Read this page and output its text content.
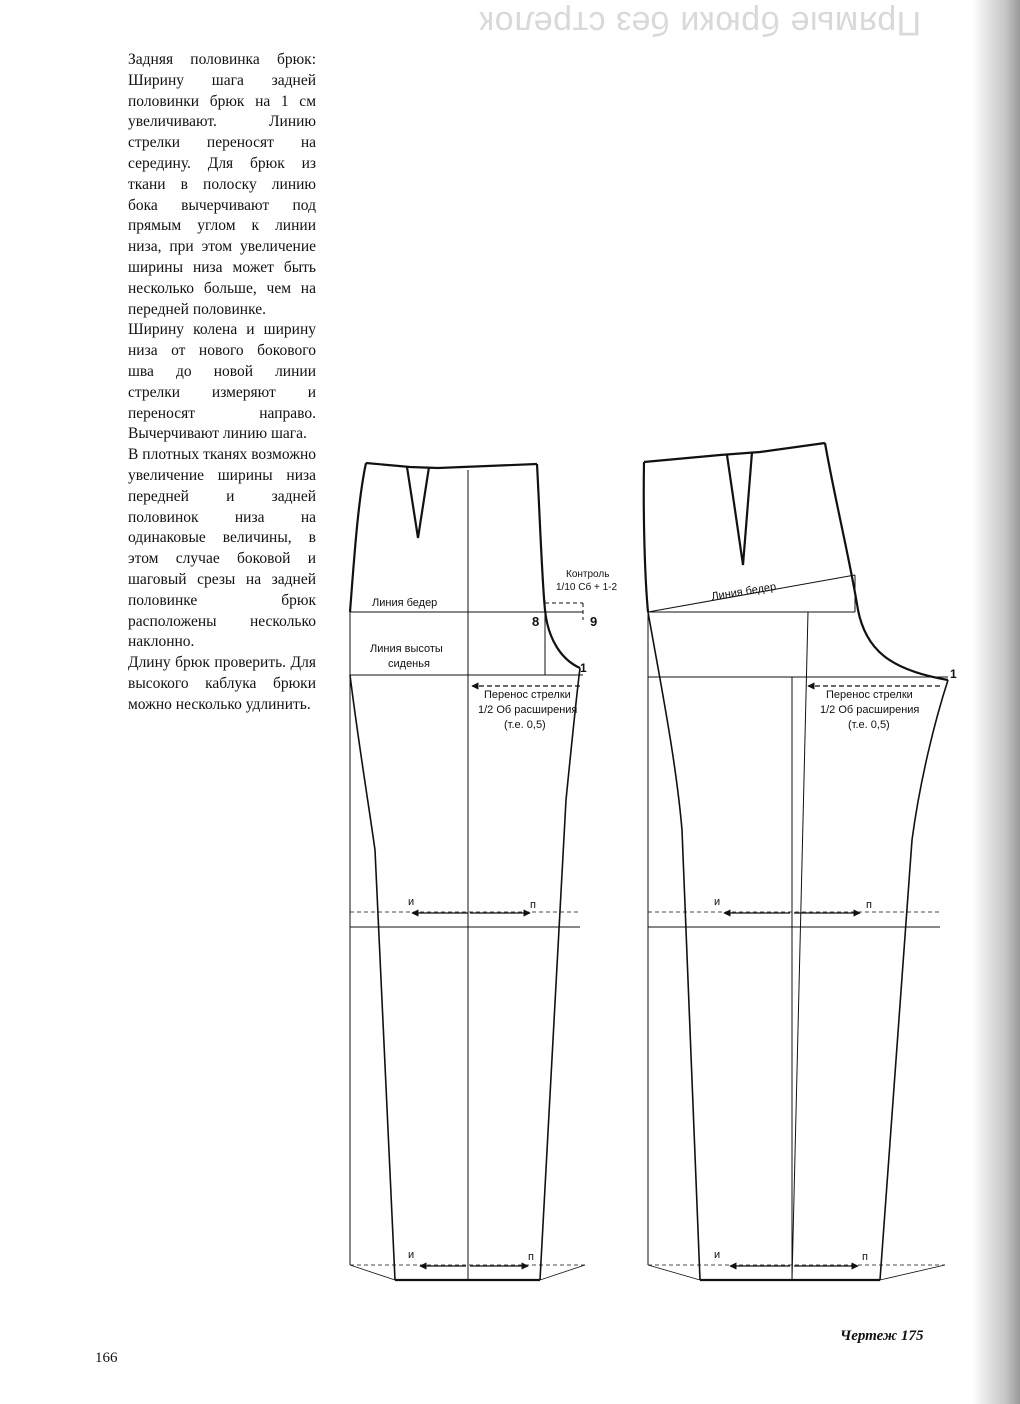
Прямые брюки без стрелок

Задняя половинка брюк: Ширину шага задней половинки брюк на 1 см увеличивают. Линию стрелки переносят на середину. Для брюк из ткани в полоску линию бока вычерчивают под прямым углом к линии низа, при этом увеличение ширины низа может быть несколько больше, чем на передней половинке.

Ширину колена и ширину низа от нового бокового шва до новой линии стрелки измеряют и переносят направо. Вычерчивают линию шага.

В плотных тканях возможно увеличение ширины низа передней и задней половинок низа на одинаковые величины, в этом случае боковой и шаговый срезы на задней половинке брюк расположены несколько наклонно.

Длину брюк проверить. Для высокого каблука брюки можно несколько удлинить.

Линия бедер
Линия высоты
сиденья
Контроль
1/10 Сб + 1-2
8	9
1
Перенос стрелки
1/2 Об расширения
(т.е. 0,5)
и	п
и	п
Линия бедер
1
Перенос стрелки
1/2 Об расширения
(т.е. 0,5)
и	п
и	п
Чертеж 175
166
